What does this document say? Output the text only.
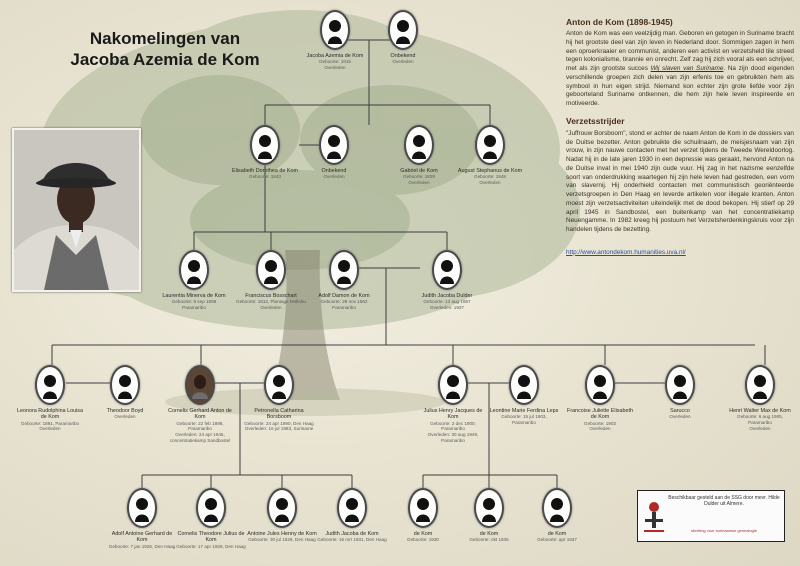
Nakomelingen van
Jacoba Azemia de Kom	Jacoba Azemia de Kom
Geboorte: 1815
Overleden
Onbekend
Overleden
Elisabeth Dorothea de Kom
Geboorte: 1843
Onbekend
Overleden
Gabriel de Kom
Geboorte: 1839
Overleden
August Stephanus de Kom
Geboorte: 1848
Overleden
Laurentia Minerva de Kom
Geboorte: 8 sep 1898
Paramaribo
Franciscus Bosschart
Geboorte: 1812, Plantage Mollebu
Overleden
Adolf Damon de Kom
Geboorte: 29 nov 1862
Paramaribo
Judith Jacoba Dulder
Geboorte: 13 aug 1867
Overleden: 1937
Leonora Rudolphina Louisa de Kom
Geboorte: 1891, Paramaribo
Overleden
Theodoor Boyd
Overleden
Cornelis Gerhard Anton de Kom
Geboorte: 22 feb 1898, Paramaribo
Overleden: 24 apr 1945, concentratiekamp Sandbostel
Petronella Catharina Borsboom
Geboorte: 24 apr 1890, Den Haag
Overleden: 16 jul 1983, Suriname
Julius Henry Jacques de Kom
Geboorte: 2 dec 1900, Paramaribo
Overleden: 30 aug 1949, Paramaribo
Leontine Marie Ferdina Leps
Geboorte: 15 jul 1903, Paramaribo
Francoise Juliette Elisabeth de Kom
Geboorte: 1903
Overleden
Sarucco
Overleden
Henri Walter Max de Kom
Geboorte: 6 aug 1905, Paramaribo
Overleden
Adolf Antoine Gerhard de Kom
Geboorte: 7 jan 1926, Den Haag
Cornelis Theodore Julius de Kom
Geboorte: 17 apr 1928, Den Haag
Antoine Jules Henny de Kom
Geboorte: 30 jul 1929, Den Haag
Judith Jacoba de Kom
Geboorte: 16 mrt 1931, Den Haag
de Kom
Geboorte: 1930
de Kom
Geboorte: okt 1935
de Kom
Geboorte: apr 1937
Anton de Kom (1898-1945)

Anton de Kom was een veelzijdig man. Geboren en getogen in Suriname bracht hij het grootste deel van zijn leven in Nederland door. Sommigen zagen in hem een oproerkraaier en communist, anderen een activist en verzetsheld tile streed tegen kolonialisme, tirannie en onrecht. Zelf zag hij zich vooral als een schrijver, met als zijn grootste succes Wij slaven van Suriname. Na zijn dood eigenden verschillende groepen zich delen van zijn erfenis toe en gebruikten hem als symbool in hun eigen strijd. Niemand kon echter zijn grote liefde voor zijn geboorteland Suriname ontkennen, die hem zijn hele leven inspireerde en motiveerde.

Verzetsstrijder

"Juffrouw Borsboom", stond er achter de naam Anton de Kom in de dossiers van de Duitse bezetter. Anton gebruikte die schuilnaam, de meisjesnaam van zijn vrouw, in zijn nauwe contacten met het verzet tijdens de Tweede Wereldoorlog. Nadat hij in de late jaren 1930 in een depressie was geraakt, hervond Anton na de Duitse inval in mei 1940 zijn oude vuur. Hij zag in het nazisme eenzelfde soort van onderdrukking waartegen hij zijn hele leven had gestreden, een vorm van slavernij. Hij onderhield contacten met communistisch georiënteerde verzetsgroepen in Den Haag en leverde artikelen voor illegale kranten. Anton moest zijn verzetsactiviteiten uiteindelijk met de dood bekopen. Hij stierf op 29 april 1945 in Sandbostel, een buitenkamp van het concentratiekamp Neuengamme. In 1982 kreeg hij postuum het Verzetsherdenkingskruis voor zijn handelen tijdens de bezetting.

http://www.antondekom.humanities.uva.nl/
Beschikbaar gesteld aan de SSG door mevr. Hilde Dulder uit Almere.
stichting voor surinaamse genealogie
